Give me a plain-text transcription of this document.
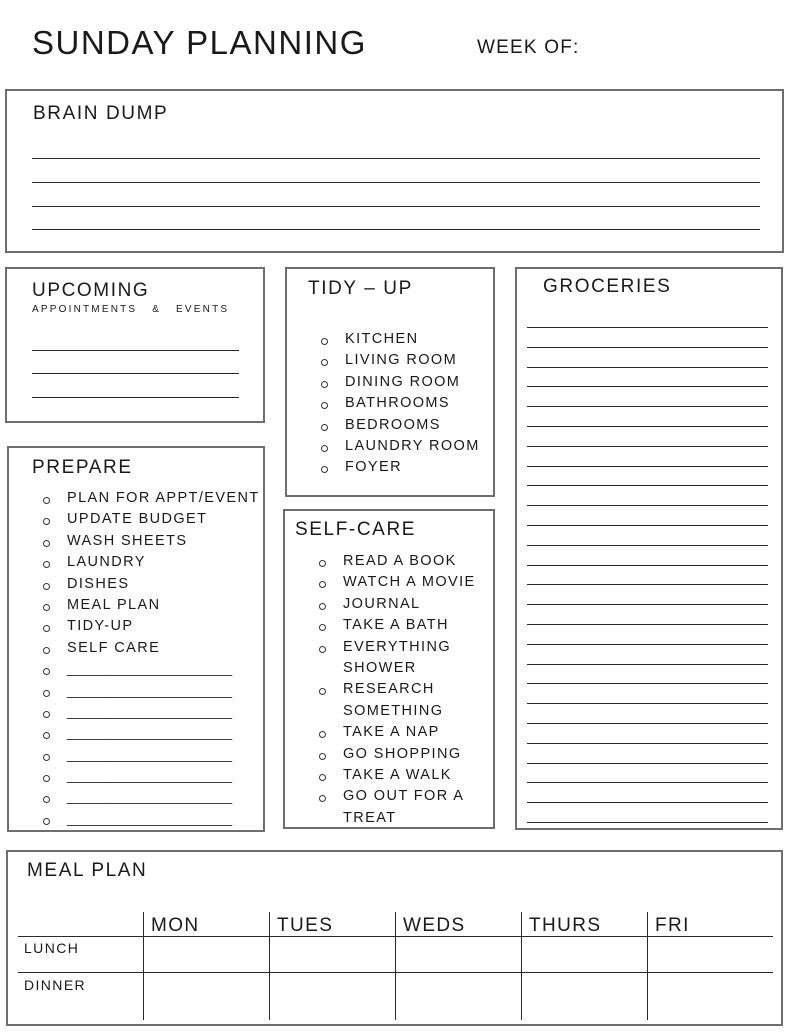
SUNDAY PLANNING	WEEK OF:
BRAIN DUMP
UPCOMING
APPOINTMENTS   &   EVENTS
TIDY – UP
KITCHEN
LIVING ROOM
DINING ROOM
BATHROOMS
BEDROOMS
LAUNDRY ROOM
FOYER
GROCERIES
PREPARE
PLAN FOR APPT/EVENT
UPDATE BUDGET
WASH SHEETS
LAUNDRY
DISHES
MEAL PLAN
TIDY-UP
SELF CARE
____________________
____________________
____________________
____________________
____________________
____________________
____________________
____________________
SELF-CARE
READ A BOOK
WATCH A MOVIE
JOURNAL
TAKE A BATH
EVERYTHING
SHOWER
RESEARCH
SOMETHING
TAKE A NAP
GO SHOPPING
TAKE A WALK
GO OUT FOR A
TREAT
MEAL PLAN
MON	TUES	WEDS	THURS	FRI
LUNCH
DINNER
